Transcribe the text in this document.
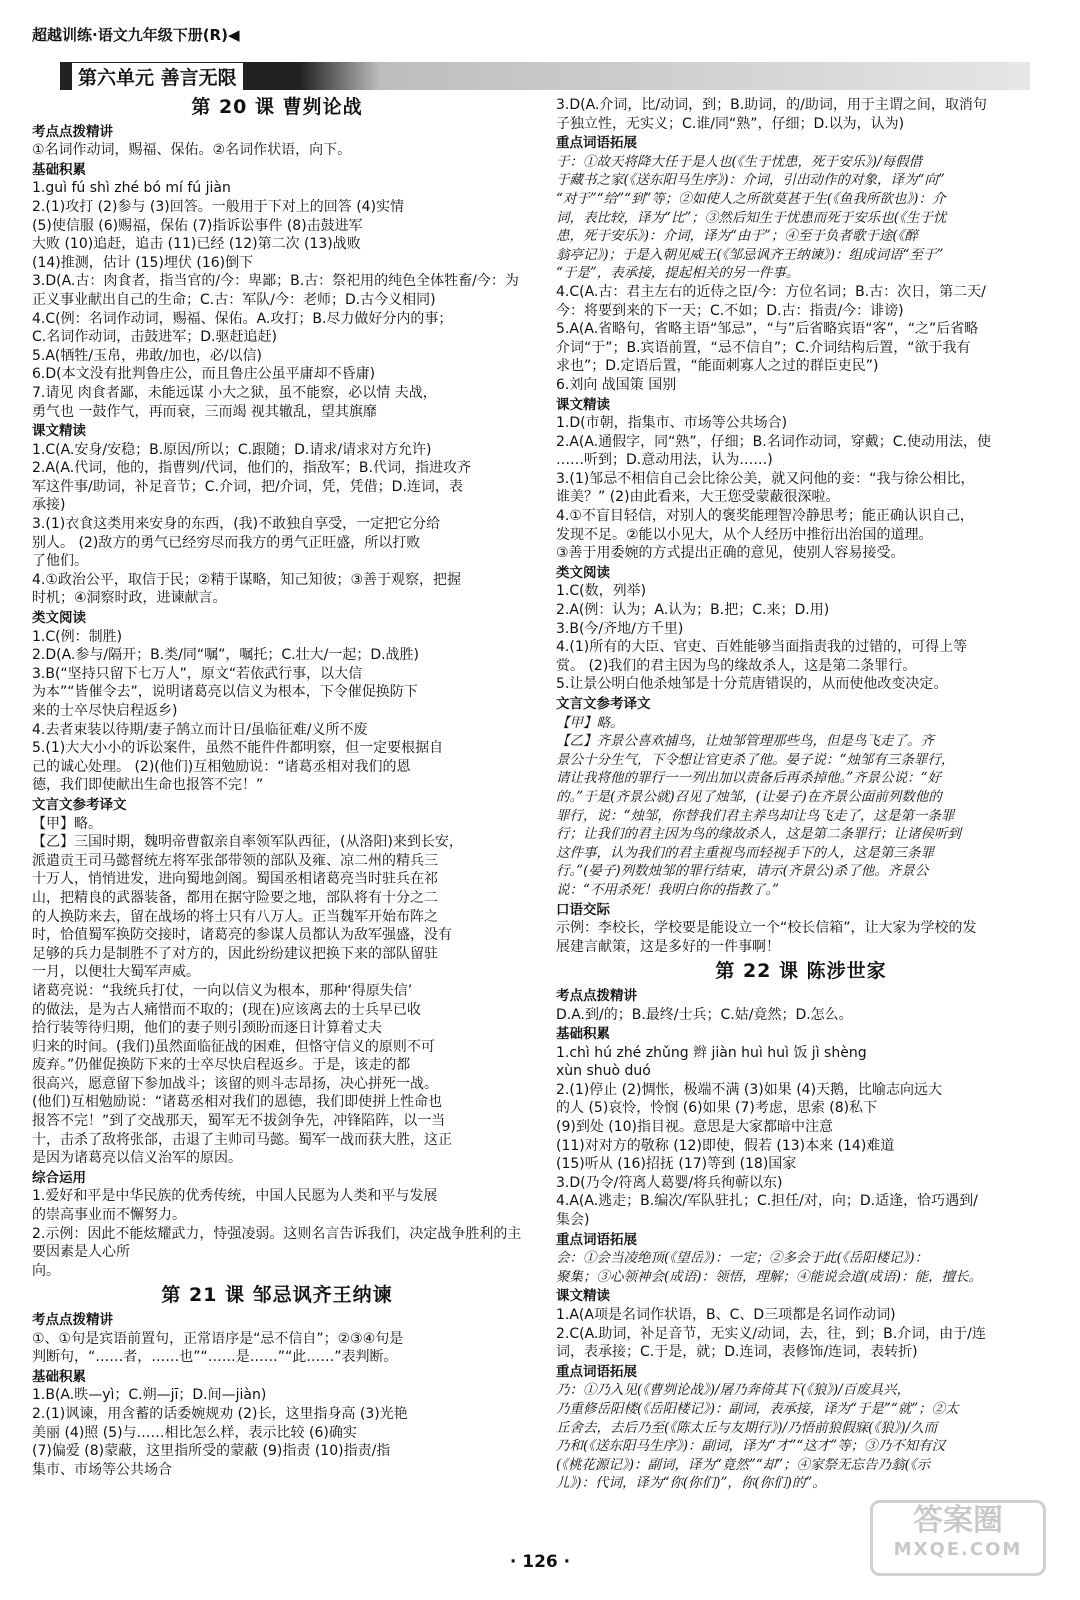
超越训练·语文九年级下册(R)◀
第六单元 善言无限
第 20 课 曹刿论战
考点点拨精讲
①名词作动词，赐福、保佑。②名词作状语，向下。
基础积累
1.guì fú shì zhé bó mí fú jiàn
2.(1)攻打 (2)参与 (3)回答。一般用于下对上的回答 (4)实情
(5)使信服 (6)赐福，保佑 (7)指诉讼事件 (8)击鼓进军
大败 (10)追赶，追击 (11)已经 (12)第二次 (13)战败
(14)推测，估计 (15)埋伏 (16)倒下
3.D(A.古：肉食者，指当官的/今：卑鄙；B.古：祭祀用的纯色全体牲畜/今：为
正义事业献出自己的生命；C.古：军队/今：老师；D.古今义相同)
4.C(例：名词作动词，赐福、保佑。A.攻打；B.尽力做好分内的事；
C.名词作动词，击鼓进军；D.驱赶追赶)
5.A(牺牲/玉帛，弗敢/加也，必/以信)
6.D(本文没有批判鲁庄公，而且鲁庄公虽平庸却不昏庸)
7.请见 肉食者鄙，未能远谋 小大之狱，虽不能察，必以情 夫战，
勇气也 一鼓作气，再而衰，三而竭 视其辙乱，望其旗靡
课文精读
1.C(A.安身/安稳；B.原因/所以；C.跟随；D.请求/请求对方允许)
2.A(A.代词，他的，指曹刿/代词，他们的，指敌军；B.代词，指进攻齐
军这件事/助词，补足音节；C.介词，把/介词，凭，凭借；D.连词，表
承接)
3.(1)衣食这类用来安身的东西，(我)不敢独自享受，一定把它分给
别人。 (2)敌方的勇气已经穷尽而我方的勇气正旺盛，所以打败
了他们。
4.①政治公平，取信于民；②精于谋略，知己知彼；③善于观察，把握
时机；④洞察时政，进谏献言。
类文阅读
1.C(例：制胜)
2.D(A.参与/隔开；B.类/同“嘱”，嘱托；C.壮大/一起；D.战胜)
3.B(“坚持只留下七万人”，原文“若依武行事，以大信
为本”“皆催令去”，说明诸葛亮以信义为根本，下令催促换防下
来的士卒尽快启程返乡)
4.去者束装以待期/妻子鹄立而计日/虽临征难/义所不废
5.(1)大大小小的诉讼案件，虽然不能件件都明察，但一定要根据自
己的诚心处理。 (2)(他们)互相勉励说：“诸葛丞相对我们的恩
德，我们即使献出生命也报答不完！”
文言文参考译文
【甲】略。
【乙】三国时期，魏明帝曹叡亲自率领军队西征，(从洛阳)来到长安，
派遣贡王司马懿督统左将军张郃带领的部队及雍、凉二州的精兵三
十万人，悄悄进发，进向蜀地剑阁。蜀国丞相诸葛亮当时驻兵在祁
山，把精良的武器装备，都用在据守险要之地，部队将有十分之二
的人换防来去，留在战场的将士只有八万人。正当魏军开始布阵之
时，恰值蜀军换防交接时，诸葛亮的参谋人员都认为敌军强盛，没有
足够的兵力是制胜不了对方的，因此纷纷建议把换下来的部队留驻
一月，以便壮大蜀军声威。
诸葛亮说：“我统兵打仗，一向以信义为根本，那种‘得原失信’
的做法，是为古人痛惜而不取的；(现在)应该离去的士兵早已收
拾行装等待归期，他们的妻子则引颈盼而逐日计算着丈夫
归来的时间。(我们)虽然面临征战的困难，但恪守信义的原则不可
废弃。”仍催促换防下来的士卒尽快启程返乡。于是，该走的都
很高兴，愿意留下参加战斗；该留的则斗志昂扬，决心拼死一战。
(他们)互相勉励说：“诸葛丞相对我们的恩德，我们即使拼上性命也
报答不完！”到了交战那天，蜀军无不拔剑争先，冲锋陷阵，以一当
十，击杀了敌将张郃，击退了主帅司马懿。蜀军一战而获大胜，这正
是因为诸葛亮以信义治军的原因。
综合运用
1.爱好和平是中华民族的优秀传统，中国人民愿为人类和平与发展
的崇高事业而不懈努力。
2.示例：因此不能炫耀武力，恃强凌弱。这则名言告诉我们，决定战争胜利的主要因素是人心所
向。
第 21 课 邹忌讽齐王纳谏
考点点拨精讲
①、①句是宾语前置句，正常语序是“忌不信自”；②③④句是
判断句，“……者，……也”“……是……”“此……”表判断。
基础积累
1.B(A.昳—yì；C.朔—jī；D.间—jiàn)
2.(1)讽谏，用含蓄的话委婉规劝 (2)长，这里指身高 (3)光艳
美丽 (4)照 (5)与……相比怎么样，表示比较 (6)确实
(7)偏爱 (8)蒙蔽，这里指所受的蒙蔽 (9)指责 (10)指责/指
集市、市场等公共场合
3.D(A.介词，比/动词，到；B.助词，的/助词，用于主谓之间，取消句
子独立性，无实义；C.谁/同“熟”，仔细；D.以为，认为)
重点词语拓展
于：①故天将降大任于是人也(《生于忧患，死于安乐》)/每假借
于藏书之家(《送东阳马生序》)：介词，引出动作的对象，译为“向”
“对于”“给”“到”等；②如使人之所欲莫甚于生(《鱼我所欲也》)：介
词，表比较，译为“比”；③然后知生于忧患而死于安乐也(《生于忧
患，死于安乐》)：介词，译为“由于”；④至于负者歌于途(《醉
翁亭记》)；于是入朝见威王(《邹忌讽齐王纳谏》)：组成词语“至于”
“于是”，表承接，提起相关的另一件事。
4.C(A.古：君主左右的近侍之臣/今：方位名词；B.古：次日，第二天/
今：将要到来的下一天；C.不如；D.古：指责/今：诽谤)
5.A(A.省略句，省略主语“邹忌”，“与”后省略宾语“客”，“之”后省略
介词“于”；B.宾语前置，“忌不信自”；C.介词结构后置，“欲于我有
求也”；D.定语后置，“能面刺寡人之过的群臣吏民”)
6.刘向 战国策 国别
课文精读
1.D(市朝，指集市、市场等公共场合)
2.A(A.通假字，同“熟”，仔细；B.名词作动词，穿戴；C.使动用法，使
……听到；D.意动用法，认为……)
3.(1)邹忌不相信自己会比徐公美，就又问他的妾：“我与徐公相比，
谁美？” (2)由此看来，大王您受蒙蔽很深啦。
4.①不盲目轻信，对别人的褒奖能理智冷静思考；能正确认识自己，
发现不足。②能以小见大，从个人经历中推衍出治国的道理。
③善于用委婉的方式提出正确的意见，使别人容易接受。
类文阅读
1.C(数，列举)
2.A(例：认为；A.认为；B.把；C.来；D.用)
3.B(今/齐地/方千里)
4.(1)所有的大臣、官吏、百姓能够当面指责我的过错的，可得上等
赏。 (2)我们的君主因为鸟的缘故杀人，这是第二条罪行。
5.让景公明白他杀烛邹是十分荒唐错误的，从而使他改变决定。
文言文参考译文
【甲】略。
【乙】齐景公喜欢捕鸟，让烛邹管理那些鸟，但是鸟飞走了。齐
景公十分生气，下令想让官吏杀了他。晏子说：“烛邹有三条罪行，
请让我将他的罪行一一列出加以责备后再杀掉他。”齐景公说：“好
的。”于是(齐景公就)召见了烛邹，(让晏子)在齐景公面前列数他的
罪行，说：“烛邹，你替我们君主养鸟却让鸟飞走了，这是第一条罪
行；让我们的君主因为鸟的缘故杀人，这是第二条罪行；让诸侯听到
这件事，认为我们的君主重视鸟而轻视手下的人，这是第三条罪
行。”(晏子)列数烛邹的罪行结束，请示(齐景公)杀了他。齐景公
说：“不用杀死！我明白你的指教了。”
口语交际
示例：李校长，学校要是能设立一个“校长信箱”，让大家为学校的发
展建言献策，这是多好的一件事啊！
第 22 课 陈涉世家
考点点拨精讲
D.A.到/的；B.最终/士兵；C.姑/竟然；D.怎么。
基础积累
1.chì hú zhé zhǔng 辫 jiàn huì huì 饭 jì shèng
xùn shuò duó
2.(1)停止 (2)惆怅，极端不满 (3)如果 (4)天鹅，比喻志向远大
的人 (5)哀怜，怜悯 (6)如果 (7)考虑，思索 (8)私下
(9)到处 (10)指目视。意思是大家都暗中注意
(11)对对方的敬称 (12)即使，假若 (13)本来 (14)难道
(15)听从 (16)招抚 (17)等到 (18)国家
3.D(乃令/符离人葛婴/将兵徇蕲以东)
4.A(A.逃走；B.编次/军队驻扎；C.担任/对，向；D.适逢，恰巧遇到/
集会)
重点词语拓展
会：①会当凌绝顶(《望岳》)：一定；②多会于此(《岳阳楼记》)：
聚集；③心领神会(成语)：领悟，理解；④能说会道(成语)：能，擅长。
课文精读
1.A(A项是名词作状语，B、C、D三项都是名词作动词)
2.C(A.助词，补足音节，无实义/动词，去，往，到；B.介词，由于/连
词，表承接；C.于是，就；D.连词，表修饰/连词，表转折)
重点词语拓展
乃：①乃入见(《曹刿论战》)/屠乃奔倚其下(《狼》)/百废具兴，
乃重修岳阳楼(《岳阳楼记》)：副词，表承接，译为“于是”“就”；②太
丘舍去，去后乃至(《陈太丘与友期行》)/乃悟前狼假寐(《狼》)/久而
乃和(《送东阳马生序》)：副词，译为“才”“这才”等；③乃不知有汉
(《桃花源记》)：副词，译为“竟然”“却”；④家祭无忘告乃翁(《示
儿》)：代词，译为“你(你们)”，你(你们)的”。
· 126 ·
答案圈
MXQE.COM
